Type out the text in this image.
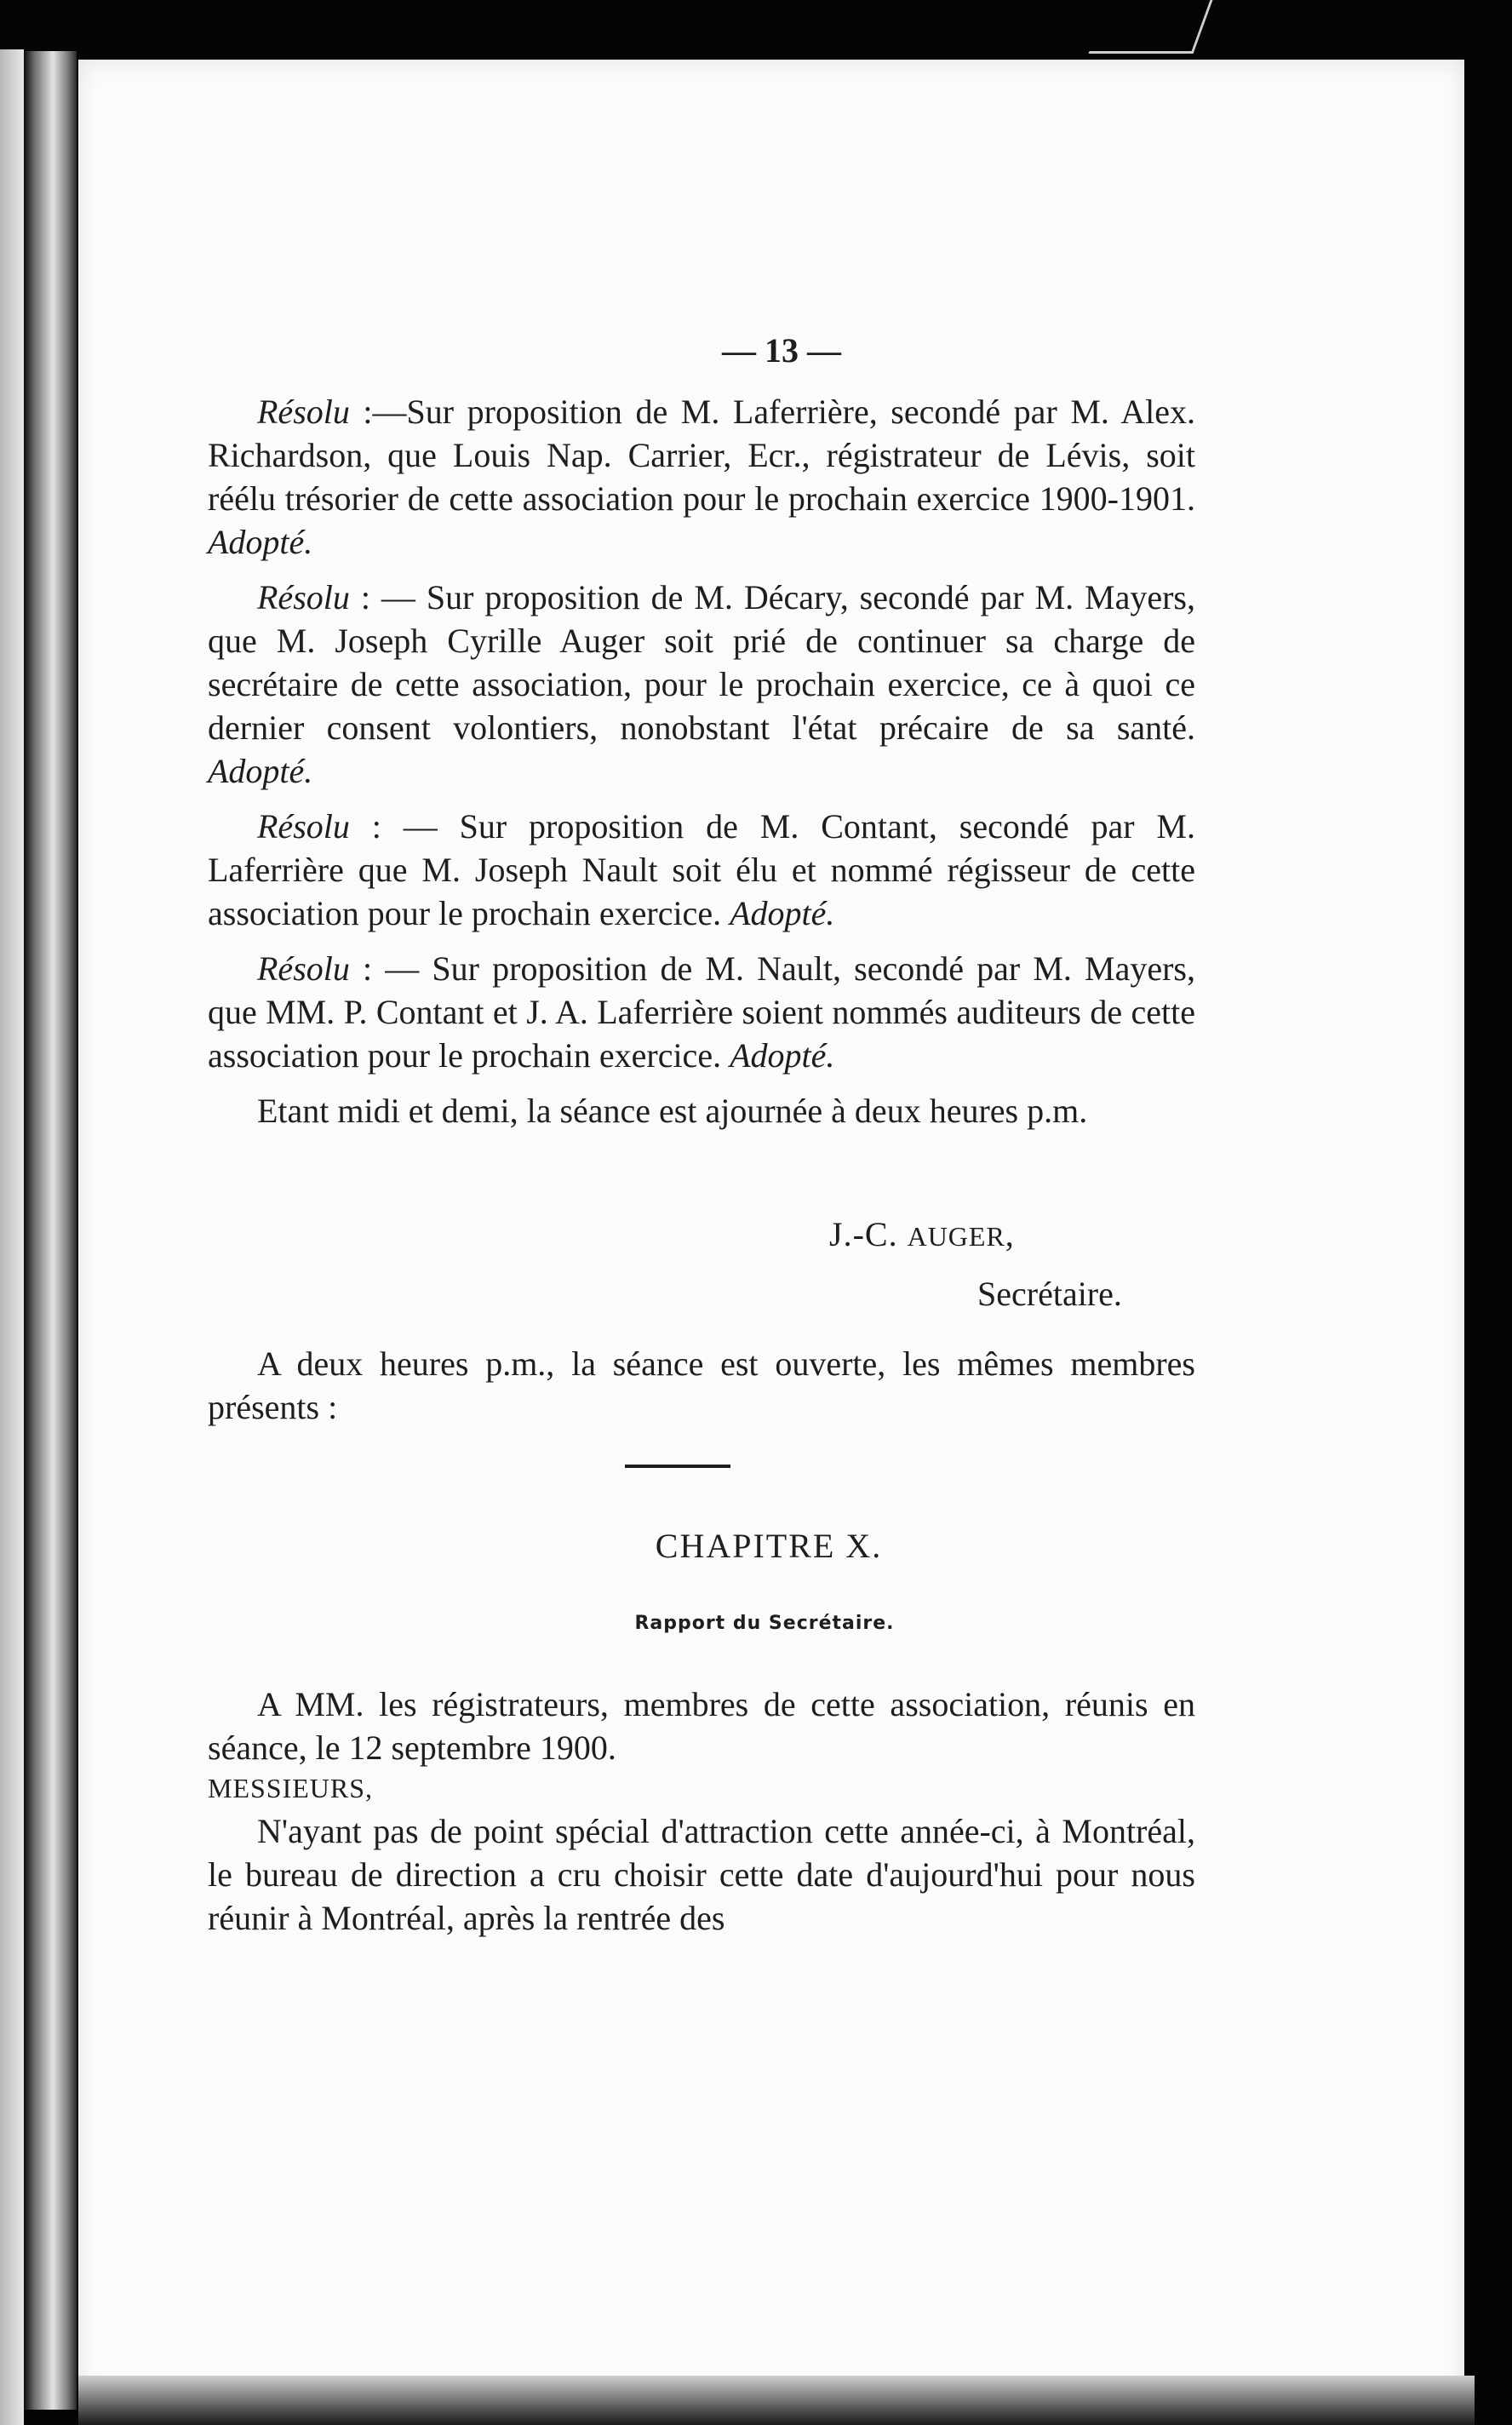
— 13 —

Résolu :—Sur proposition de M. Laferrière, secondé par M. Alex. Richardson, que Louis Nap. Carrier, Ecr., régistrateur de Lévis, soit réélu trésorier de cette association pour le prochain exercice 1900-1901. Adopté.

Résolu : — Sur proposition de M. Décary, secondé par M. Mayers, que M. Joseph Cyrille Auger soit prié de continuer sa charge de secrétaire de cette association, pour le prochain exercice, ce à quoi ce dernier consent volontiers, nonobstant l'état précaire de sa santé. Adopté.

Résolu : — Sur proposition de M. Contant, secondé par M. Laferrière que M. Joseph Nault soit élu et nommé régisseur de cette association pour le prochain exercice. Adopté.

Résolu : — Sur proposition de M. Nault, secondé par M. Mayers, que MM. P. Contant et J. A. Laferrière soient nommés auditeurs de cette association pour le prochain exercice. Adopté.

Etant midi et demi, la séance est ajournée à deux heures p.m.

J.-C. AUGER,
Secrétaire.

A deux heures p.m., la séance est ouverte, les mêmes membres présents :

CHAPITRE X.
Rapport du Secrétaire.

A MM. les régistrateurs, membres de cette association, réunis en séance, le 12 septembre 1900.

MESSIEURS,

N'ayant pas de point spécial d'attraction cette année-ci, à Montréal, le bureau de direction a cru choisir cette date d'aujourd'hui pour nous réunir à Montréal, après la rentrée des
